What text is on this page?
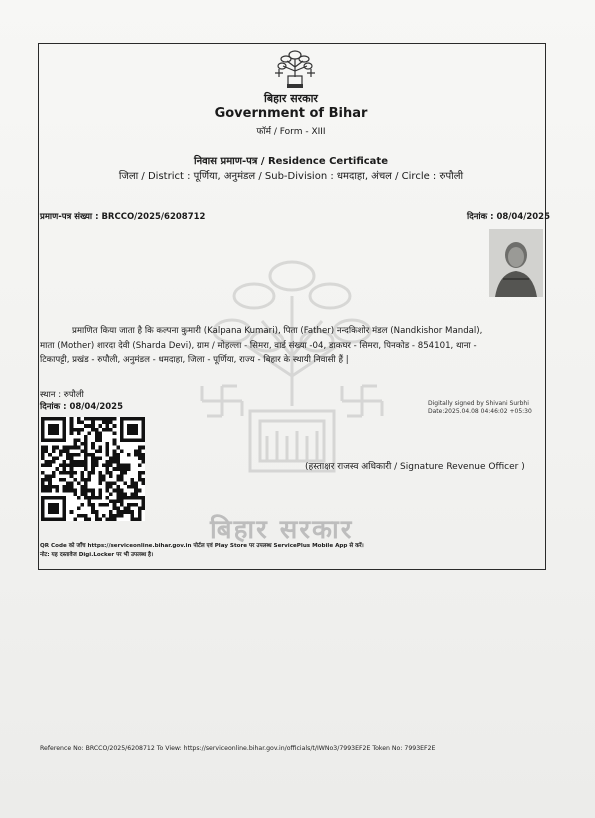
बिहार सरकार
बिहार सरकार
Government of Bihar
फॉर्म / Form - XIII
निवास प्रमाण-पत्र / Residence Certificate
जिला / District : पूर्णिया, अनुमंडल / Sub-Division : धमदाहा, अंचल / Circle : रुपौली
प्रमाण-पत्र संख्या : BRCCO/2025/6208712	दिनांक : 08/04/2025
प्रमाणित किया जाता है कि कल्पना कुमारी (Kalpana Kumari), पिता (Father) नन्दकिशोर मंडल (Nandkishor Mandal),
माता (Mother) शारदा देवी (Sharda Devi), ग्राम / मोहल्ला - सिमरा, वार्ड संख्या -04, डाकघर - सिमरा, पिनकोड - 854101, थाना -
टिकापट्टी, प्रखंड - रुपौली, अनुमंडल - धमदाहा, जिला - पूर्णिया, राज्य - बिहार के स्थायी निवासी हैं |
स्थान : रुपौली
दिनांक : 08/04/2025	Digitally signed by Shivani Surbhi
Date:2025.04.08 04:46:02 +05:30
(हस्ताक्षर राजस्व अधिकारी / Signature Revenue Officer )
QR Code को जाँच https://serviceonline.bihar.gov.in पोर्टल एवं Play Store पर उपलब्ध ServicePlus Mobile App से करें।
नोट: यह दस्तावेज Digi.Locker पर भी उपलब्ध है।
Reference No: BRCCO/2025/6208712 To View: https://serviceonline.bihar.gov.in/officials/t/IWNo3/7993EF2E Token No: 7993EF2E
